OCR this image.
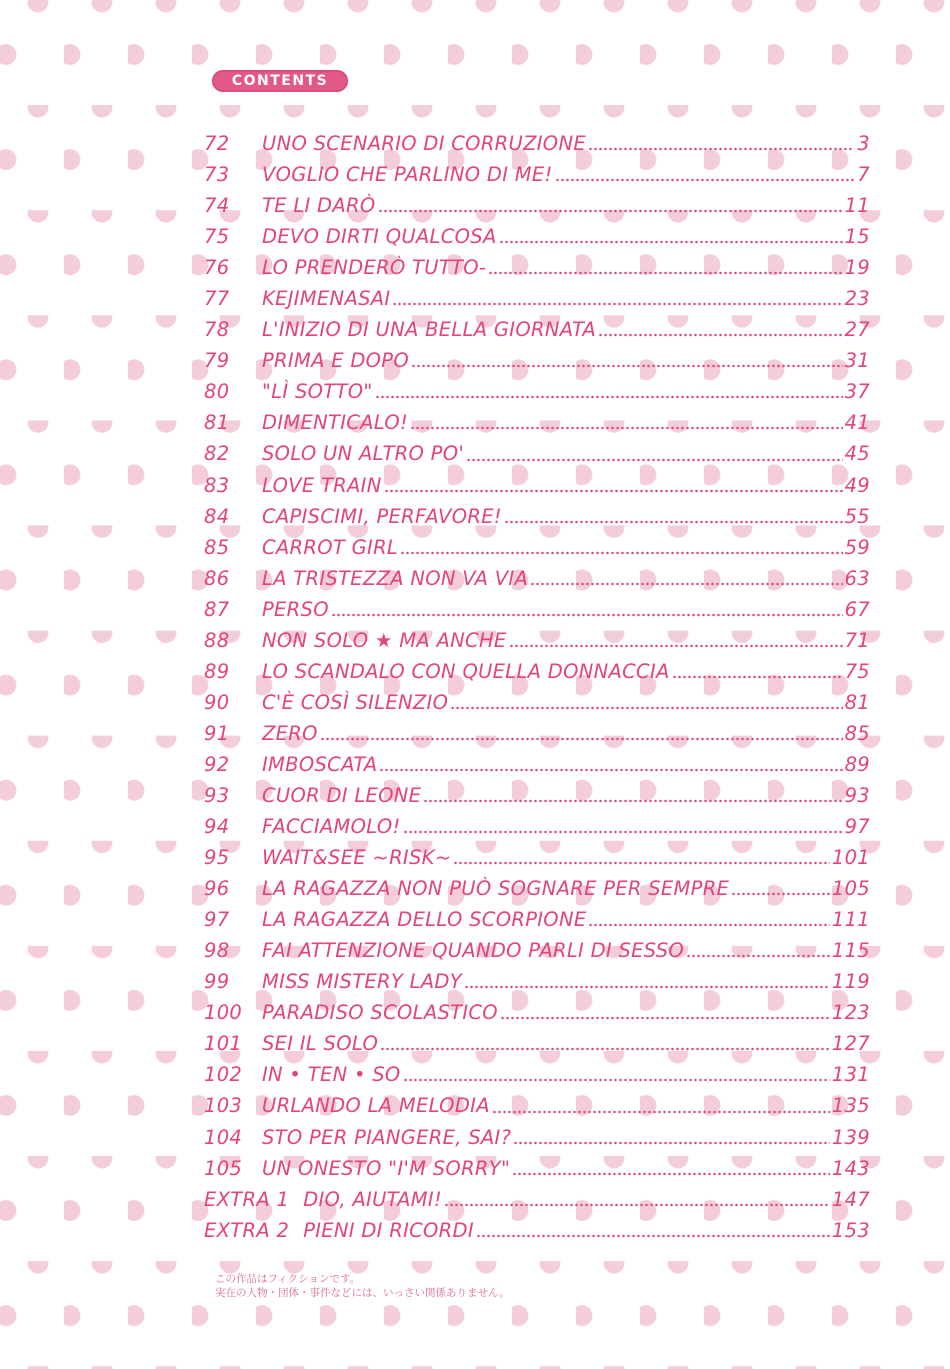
CONTENTS
72	UNO SCENARIO DI CORRUZIONE	3
73	VOGLIO CHE PARLINO DI ME!	7
74	TE LI DARÒ	11
75	DEVO DIRTI QUALCOSA	15
76	LO PRENDERÒ TUTTO-	19
77	KEJIMENASAI	23
78	L'INIZIO DI UNA BELLA GIORNATA	27
79	PRIMA E DOPO	31
80	"LÌ SOTTO"	37
81	DIMENTICALO!	41
82	SOLO UN ALTRO PO'	45
83	LOVE TRAIN	49
84	CAPISCIMI, PERFAVORE!	55
85	CARROT GIRL	59
86	LA TRISTEZZA NON VA VIA	63
87	PERSO	67
88	NON SOLO ★ MA ANCHE	71
89	LO SCANDALO CON QUELLA DONNACCIA	75
90	C'È COSÌ SILENZIO	81
91	ZERO	85
92	IMBOSCATA	89
93	CUOR DI LEONE	93
94	FACCIAMOLO!	97
95	WAIT&SEE ~RISK~	101
96	LA RAGAZZA NON PUÒ SOGNARE PER SEMPRE	105
97	LA RAGAZZA DELLO SCORPIONE	111
98	FAI ATTENZIONE QUANDO PARLI DI SESSO	115
99	MISS MISTERY LADY	119
100	PARADISO SCOLASTICO	123
101	SEI IL SOLO	127
102	IN • TEN • SO	131
103	URLANDO LA MELODIA	135
104	STO PER PIANGERE, SAI?	139
105	UN ONESTO "I'M SORRY"	143
EXTRA 1 DIO, AIUTAMI!	147
EXTRA 2 PIENI DI RICORDI	153
この作品はフィクションです。
実在の人物・団体・事件などには、いっさい関係ありません。
